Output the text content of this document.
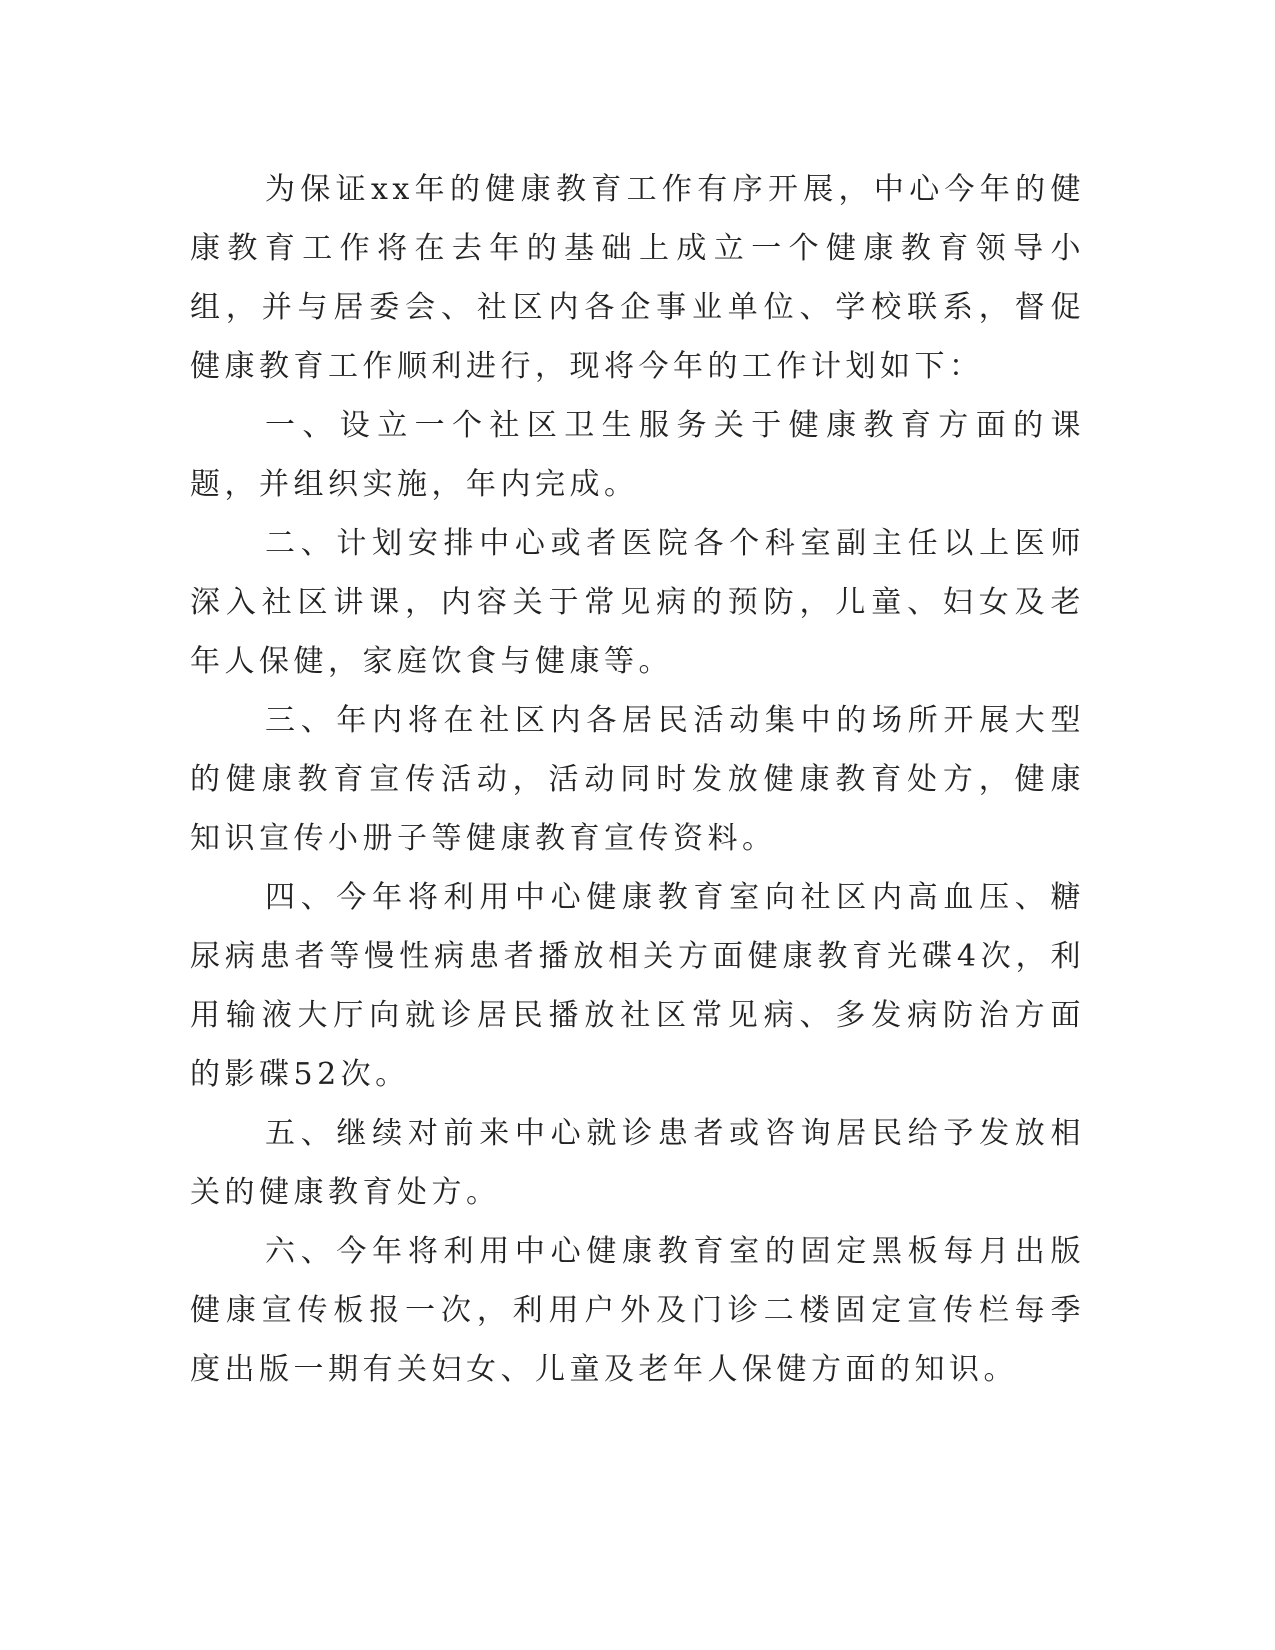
为保证xx年的健康教育工作有序开展，中心今年的健康教育工作将在去年的基础上成立一个健康教育领导小组，并与居委会、社区内各企事业单位、学校联系，督促健康教育工作顺利进行，现将今年的工作计划如下：

一、设立一个社区卫生服务关于健康教育方面的课题，并组织实施，年内完成。

二、计划安排中心或者医院各个科室副主任以上医师深入社区讲课，内容关于常见病的预防，儿童、妇女及老年人保健，家庭饮食与健康等。

三、年内将在社区内各居民活动集中的场所开展大型的健康教育宣传活动，活动同时发放健康教育处方，健康知识宣传小册子等健康教育宣传资料。

四、今年将利用中心健康教育室向社区内高血压、糖尿病患者等慢性病患者播放相关方面健康教育光碟4次，利用输液大厅向就诊居民播放社区常见病、多发病防治方面的影碟52次。

五、继续对前来中心就诊患者或咨询居民给予发放相关的健康教育处方。

六、今年将利用中心健康教育室的固定黑板每月出版健康宣传板报一次，利用户外及门诊二楼固定宣传栏每季度出版一期有关妇女、儿童及老年人保健方面的知识。
